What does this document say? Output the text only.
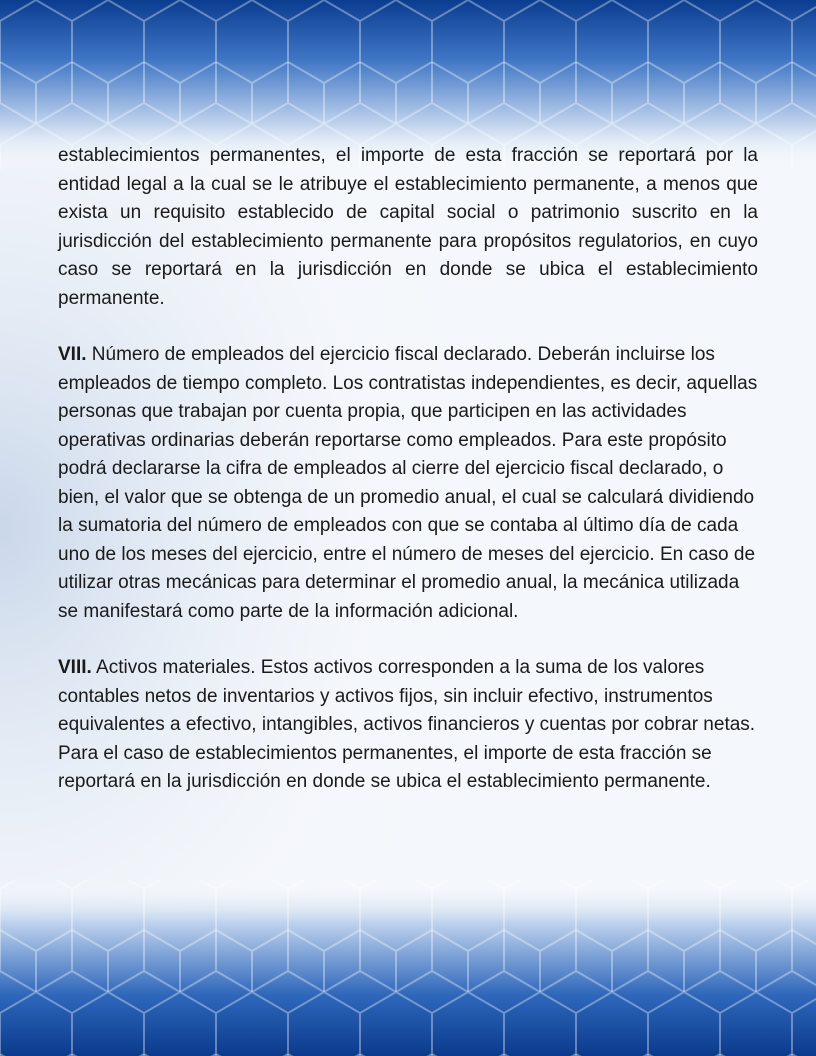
establecimientos permanentes, el importe de esta fracción se reportará por la entidad legal a la cual se le atribuye el establecimiento permanente, a menos que exista un requisito establecido de capital social o patrimonio suscrito en la jurisdicción del establecimiento permanente para propósitos regulatorios, en cuyo caso se reportará en la jurisdicción en donde se ubica el establecimiento permanente.

VII. Número de empleados del ejercicio fiscal declarado. Deberán incluirse los empleados de tiempo completo. Los contratistas independientes, es decir, aquellas personas que trabajan por cuenta propia, que participen en las actividades operativas ordinarias deberán reportarse como empleados. Para este propósito podrá declararse la cifra de empleados al cierre del ejercicio fiscal declarado, o bien, el valor que se obtenga de un promedio anual, el cual se calculará dividiendo la sumatoria del número de empleados con que se contaba al último día de cada uno de los meses del ejercicio, entre el número de meses del ejercicio. En caso de utilizar otras mecánicas para determinar el promedio anual, la mecánica utilizada se manifestará como parte de la información adicional.

VIII. Activos materiales. Estos activos corresponden a la suma de los valores contables netos de inventarios y activos fijos, sin incluir efectivo, instrumentos equivalentes a efectivo, intangibles, activos financieros y cuentas por cobrar netas. Para el caso de establecimientos permanentes, el importe de esta fracción se reportará en la jurisdicción en donde se ubica el establecimiento permanente.
